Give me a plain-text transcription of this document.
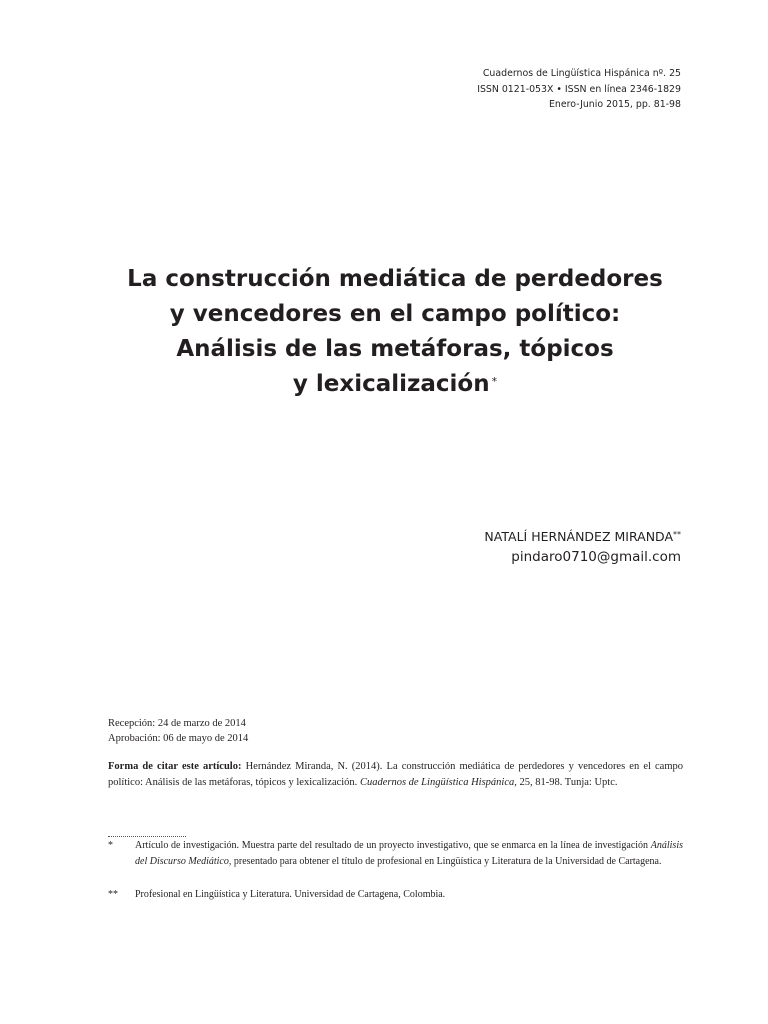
Cuadernos de Lingüística Hispánica nº. 25
ISSN 0121-053X • ISSN en línea 2346-1829
Enero-Junio 2015, pp. 81-98
La construcción mediática de perdedores
y vencedores en el campo político:
Análisis de las metáforas, tópicos
y lexicalización *
NATALÍ HERNÁNDEZ MIRANDA**
pindaro0710@gmail.com
Recepción: 24 de marzo de 2014
Aprobación: 06 de mayo de 2014
Forma de citar este artículo: Hernández Miranda, N. (2014). La construcción mediática de perdedores y vencedores en el campo político: Análisis de las metáforas, tópicos y lexicalización. Cuadernos de Lingüística Hispánica, 25, 81-98. Tunja: Uptc.
* Artículo de investigación. Muestra parte del resultado de un proyecto investigativo, que se enmarca en la línea de investigación Análisis del Discurso Mediático, presentado para obtener el título de profesional en Lingüística y Literatura de la Universidad de Cartagena.
** Profesional en Lingüística y Literatura. Universidad de Cartagena, Colombia.
